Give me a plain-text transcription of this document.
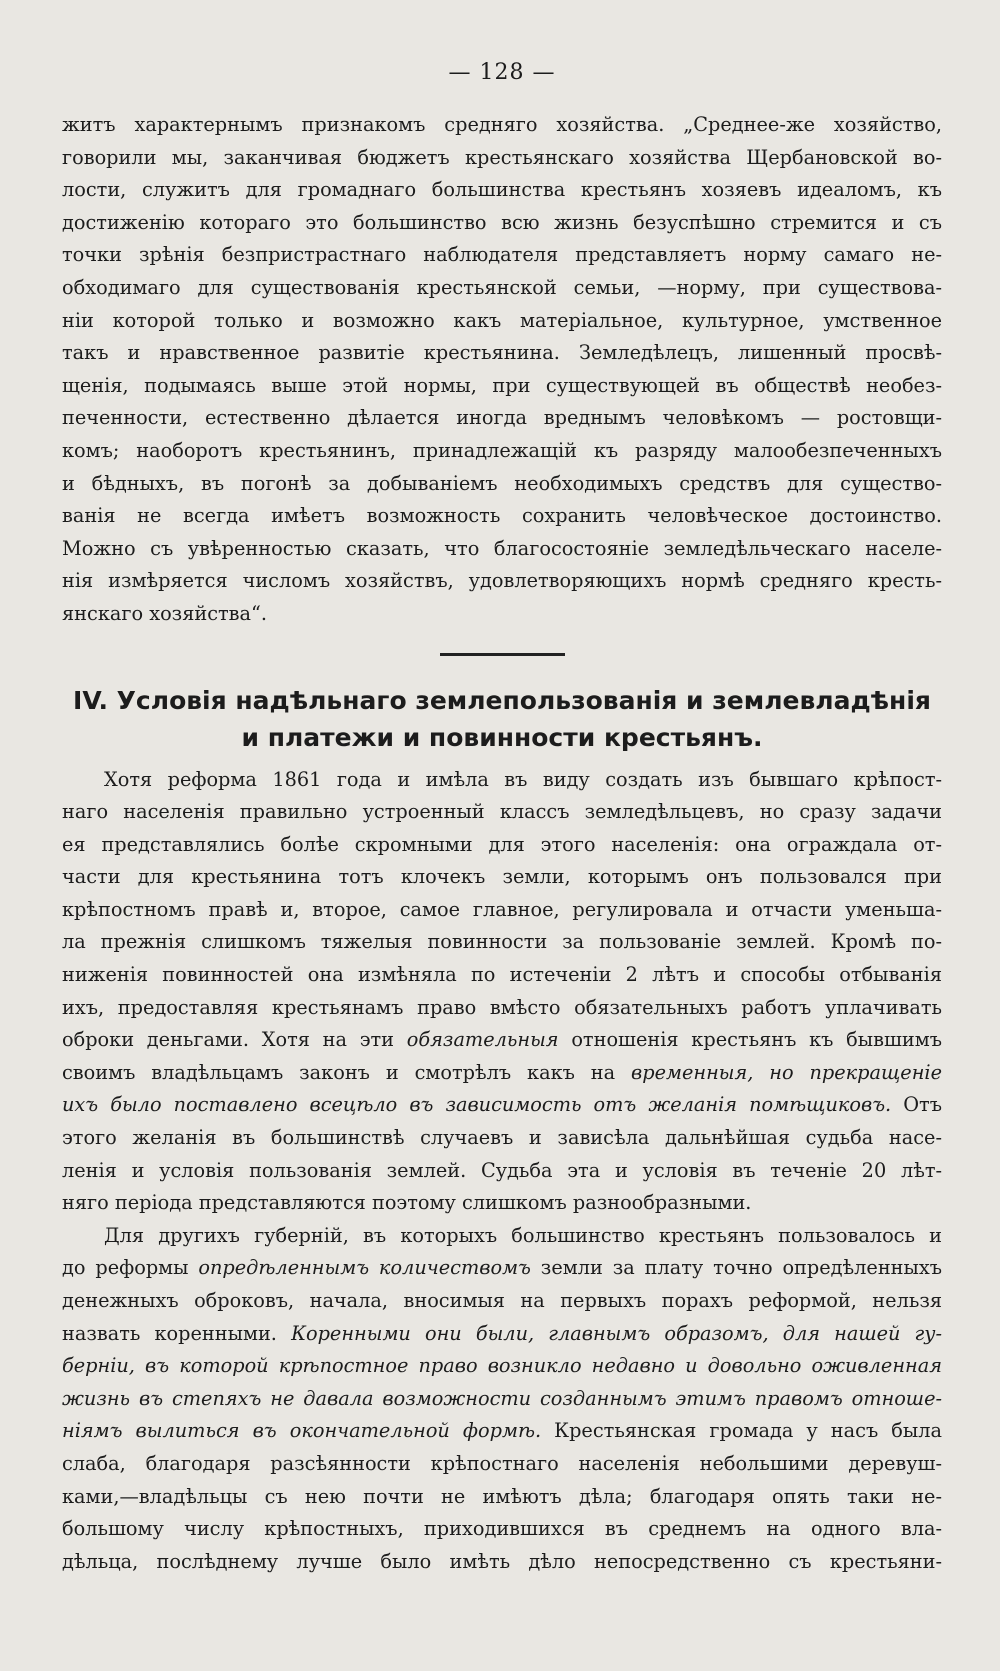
— 128 —
житъ характернымъ признакомъ средняго хозяйства. „Среднее-же хозяйство,
говорили мы, заканчивая бюджетъ крестьянскаго хозяйства Щербановской во-
лости, служитъ для громаднаго большинства крестьянъ хозяевъ идеаломъ, къ
достиженію котораго это большинство всю жизнь безуспѣшно стремится и съ
точки зрѣнія безпристрастнаго наблюдателя представляетъ норму самаго не-
обходимаго для существованія крестьянской семьи, —норму, при существова-
ніи которой только и возможно какъ матеріальное, культурное, умственное
такъ и нравственное развитіе крестьянина. Земледѣлецъ, лишенный просвѣ-
щенія, подымаясь выше этой нормы, при существующей въ обществѣ необез-
печенности, естественно дѣлается иногда вреднымъ человѣкомъ — ростовщи-
комъ; наоборотъ крестьянинъ, принадлежащій къ разряду малообезпеченныхъ
и бѣдныхъ, въ погонѣ за добываніемъ необходимыхъ средствъ для существо-
ванія не всегда имѣетъ возможность сохранить человѣческое достоинство.
Можно съ увѣренностью сказать, что благосостояніе земледѣльческаго населе-
нія измѣряется числомъ хозяйствъ, удовлетворяющихъ нормѣ средняго кресть-
янскаго хозяйства“.
IV. Условія надѣльнаго землепользованія и землевладѣнія
и платежи и повинности крестьянъ.
Хотя реформа 1861 года и имѣла въ виду создать изъ бывшаго крѣпост-
наго населенія правильно устроенный классъ земледѣльцевъ, но сразу задачи
ея представлялись болѣе скромными для этого населенія: она ограждала от-
части для крестьянина тотъ клочекъ земли, которымъ онъ пользовался при
крѣпостномъ правѣ и, второе, самое главное, регулировала и отчасти уменьша-
ла прежнія слишкомъ тяжелыя повинности за пользованіе землей. Кромѣ по-
ниженія повинностей она измѣняла по истеченіи 2 лѣтъ и способы отбыванія
ихъ, предоставляя крестьянамъ право вмѣсто обязательныхъ работъ уплачивать
оброки деньгами. Хотя на эти обязательныя отношенія крестьянъ къ бывшимъ
своимъ владѣльцамъ законъ и смотрѣлъ какъ на временныя, но прекращеніе
ихъ было поставлено всецѣло въ зависимость отъ желанія помѣщиковъ. Отъ
этого желанія въ большинствѣ случаевъ и зависѣла дальнѣйшая судьба насе-
ленія и условія пользованія землей. Судьба эта и условія въ теченіе 20 лѣт-
няго періода представляются поэтому слишкомъ разнообразными.
Для другихъ губерній, въ которыхъ большинство крестьянъ пользовалось и
до реформы опредѣленнымъ количествомъ земли за плату точно опредѣленныхъ
денежныхъ оброковъ, начала, вносимыя на первыхъ порахъ реформой, нельзя
назвать коренными. Коренными они были, главнымъ образомъ, для нашей гу-
берніи, въ которой крѣпостное право возникло недавно и довольно оживленная
жизнь въ степяхъ не давала возможности созданнымъ этимъ правомъ отноше-
ніямъ вылиться въ окончательной формѣ. Крестьянская громада у насъ была
слаба, благодаря разсѣянности крѣпостнаго населенія небольшими деревуш-
ками,—владѣльцы съ нею почти не имѣютъ дѣла; благодаря опять таки не-
большому числу крѣпостныхъ, приходившихся въ среднемъ на одного вла-
дѣльца, послѣднему лучше было имѣть дѣло непосредственно съ крестьяни-
